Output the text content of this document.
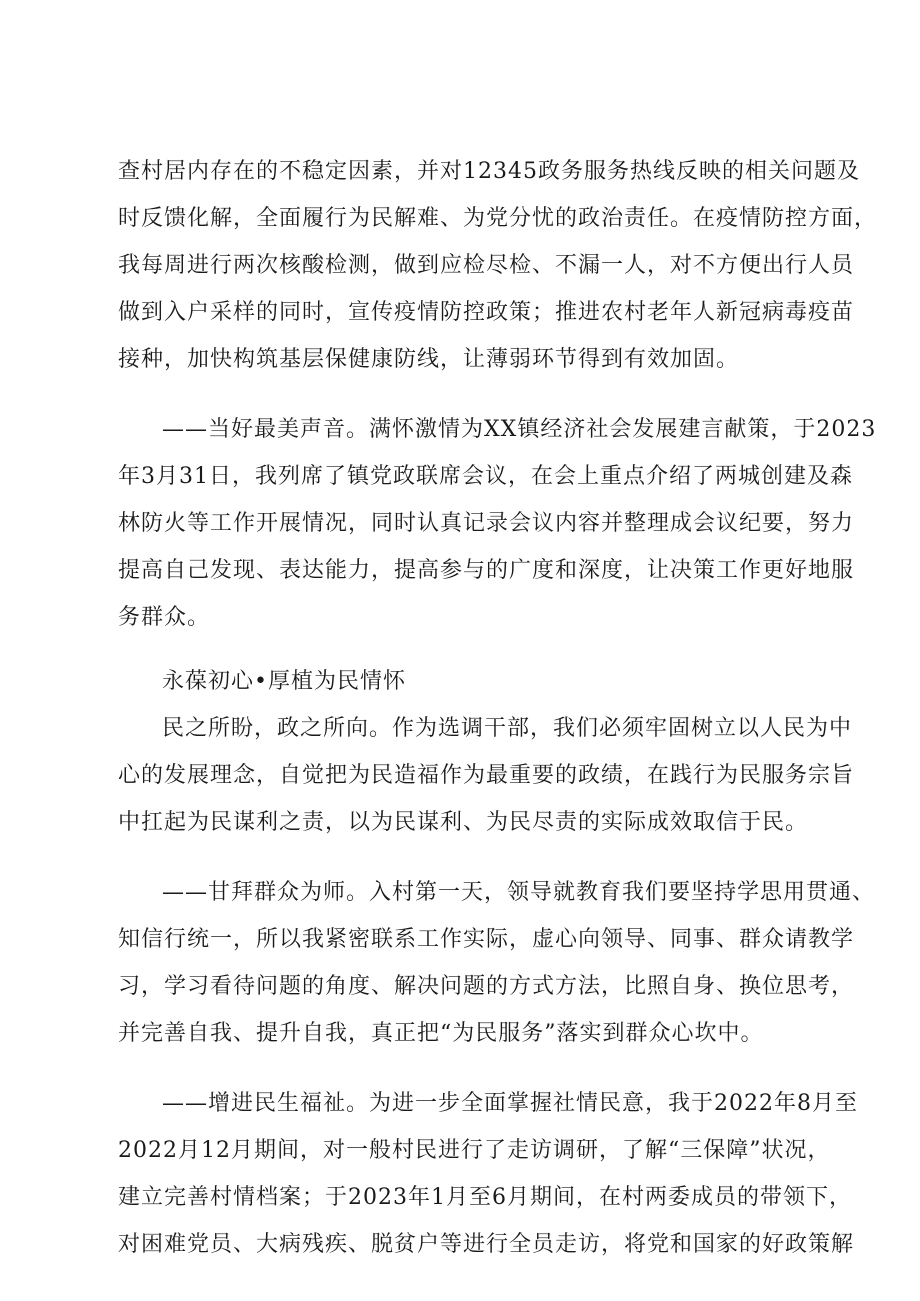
查村居内存在的不稳定因素，并对12345政务服务热线反映的相关问题及
时反馈化解，全面履行为民解难、为党分忧的政治责任。在疫情防控方面，
我每周进行两次核酸检测，做到应检尽检、不漏一人，对不方便出行人员
做到入户采样的同时，宣传疫情防控政策；推进农村老年人新冠病毒疫苗
接种，加快构筑基层保健康防线，让薄弱环节得到有效加固。
——当好最美声音。满怀激情为XX镇经济社会发展建言献策，于2023
年3月31日，我列席了镇党政联席会议，在会上重点介绍了两城创建及森
林防火等工作开展情况，同时认真记录会议内容并整理成会议纪要，努力
提高自己发现、表达能力，提高参与的广度和深度，让决策工作更好地服
务群众。
永葆初心•厚植为民情怀
民之所盼，政之所向。作为选调干部，我们必须牢固树立以人民为中
心的发展理念，自觉把为民造福作为最重要的政绩，在践行为民服务宗旨
中扛起为民谋利之责，以为民谋利、为民尽责的实际成效取信于民。
——甘拜群众为师。入村第一天，领导就教育我们要坚持学思用贯通、
知信行统一，所以我紧密联系工作实际，虚心向领导、同事、群众请教学
习，学习看待问题的角度、解决问题的方式方法，比照自身、换位思考，
并完善自我、提升自我，真正把“为民服务”落实到群众心坎中。
——增进民生福祉。为进一步全面掌握社情民意，我于2022年8月至
2022月12月期间，对一般村民进行了走访调研，了解“三保障”状况，
建立完善村情档案；于2023年1月至6月期间，在村两委成员的带领下，
对困难党员、大病残疾、脱贫户等进行全员走访，将党和国家的好政策解
